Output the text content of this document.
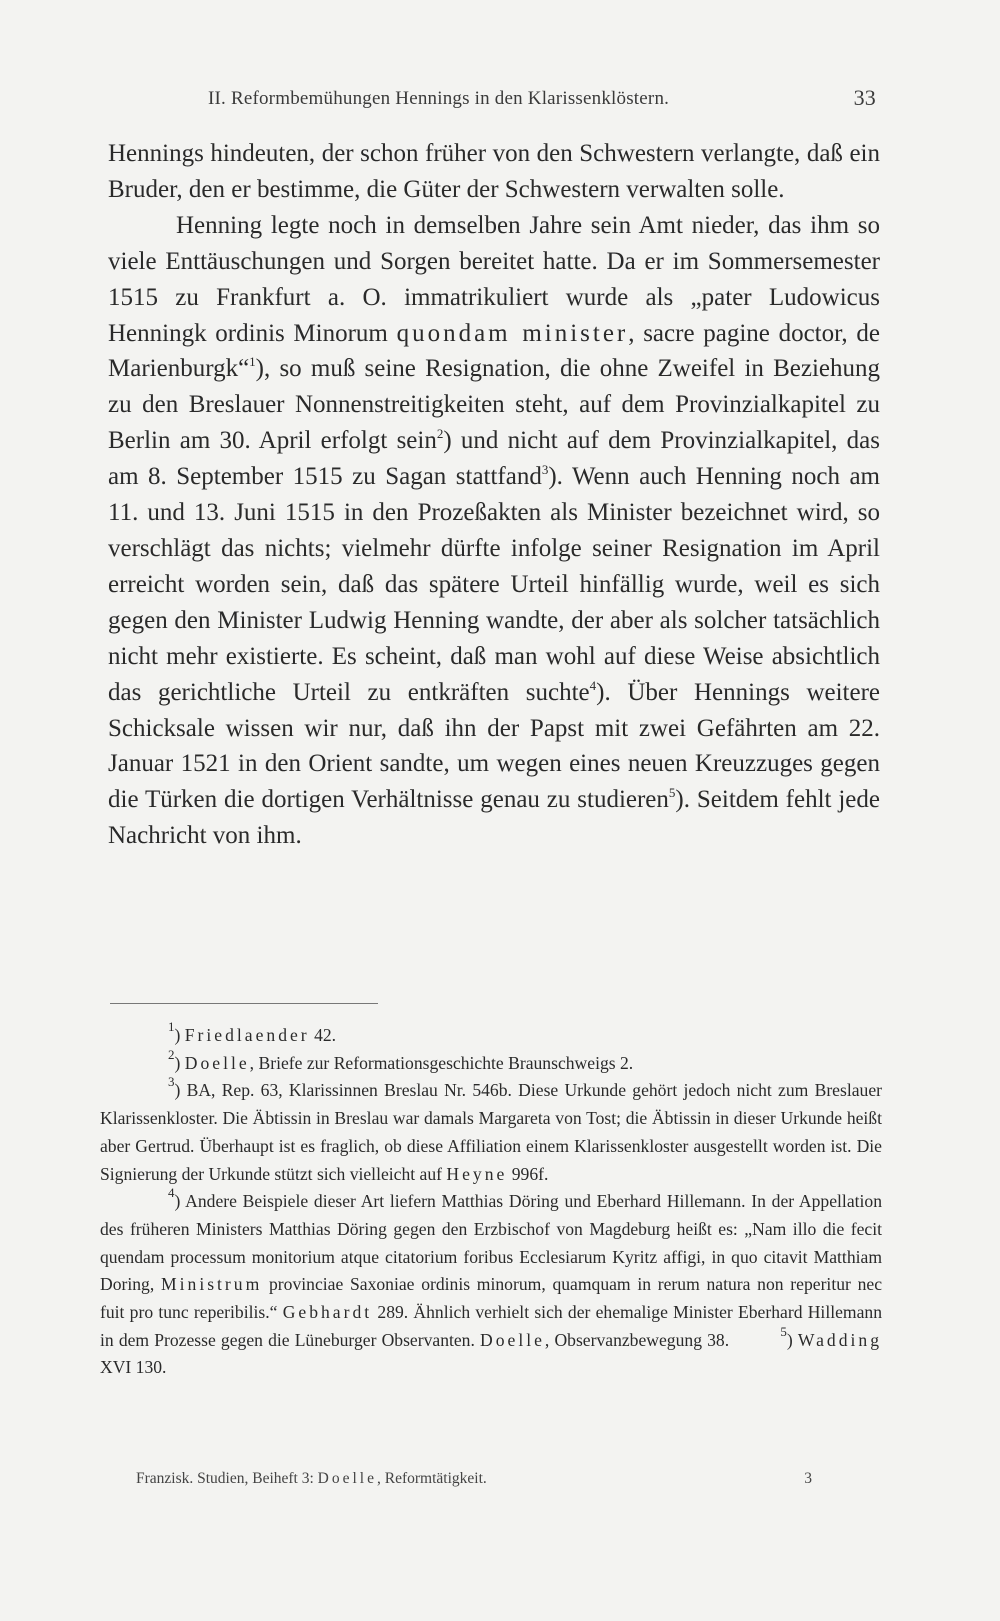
II. Reformbemühungen Hennings in den Klarissenklöstern.	33

Hennings hindeuten, der schon früher von den Schwestern verlangte, daß ein Bruder, den er bestimme, die Güter der Schwestern verwalten solle.

Henning legte noch in demselben Jahre sein Amt nieder, das ihm so viele Enttäuschungen und Sorgen bereitet hatte. Da er im Sommersemester 1515 zu Frankfurt a. O. immatrikuliert wurde als „pater Ludowicus Henningk ordinis Minorum quondam minister, sacre pagine doctor, de Marienburgk“$^1$), so muß seine Resignation, die ohne Zweifel in Beziehung zu den Breslauer Nonnenstreitigkeiten steht, auf dem Provinzialkapitel zu Berlin am 30. April erfolgt sein$^2$) und nicht auf dem Provinzialkapitel, das am 8. September 1515 zu Sagan stattfand$^3$). Wenn auch Henning noch am 11. und 13. Juni 1515 in den Prozeßakten als Minister bezeichnet wird, so verschlägt das nichts; vielmehr dürfte infolge seiner Resignation im April erreicht worden sein, daß das spätere Urteil hinfällig wurde, weil es sich gegen den Minister Ludwig Henning wandte, der aber als solcher tatsächlich nicht mehr existierte. Es scheint, daß man wohl auf diese Weise absichtlich das gerichtliche Urteil zu entkräften suchte$^4$). Über Hennings weitere Schicksale wissen wir nur, daß ihn der Papst mit zwei Gefährten am 22. Januar 1521 in den Orient sandte, um wegen eines neuen Kreuzzuges gegen die Türken die dortigen Verhältnisse genau zu studieren$^5$). Seitdem fehlt jede Nachricht von ihm.

$^1$) Friedlaender 42.

$^2$) Doelle, Briefe zur Reformationsgeschichte Braunschweigs 2.

$^3$) BA, Rep. 63, Klarissinnen Breslau Nr. 546b. Diese Urkunde gehört jedoch nicht zum Breslauer Klarissenkloster. Die Äbtissin in Breslau war damals Margareta von Tost; die Äbtissin in dieser Urkunde heißt aber Gertrud. Überhaupt ist es fraglich, ob diese Affiliation einem Klarissenkloster ausgestellt worden ist. Die Signierung der Urkunde stützt sich vielleicht auf Heyne 996f.

$^4$) Andere Beispiele dieser Art liefern Matthias Döring und Eberhard Hillemann. In der Appellation des früheren Ministers Matthias Döring gegen den Erzbischof von Magdeburg heißt es: „Nam illo die fecit quendam processum monitorium atque citatorium foribus Ecclesiarum Kyritz affigi, in quo citavit Matthiam Doring, Ministrum provinciae Saxoniae ordinis minorum, quamquam in rerum natura non reperitur nec fuit pro tunc reperibilis.“ Gebhardt 289. Ähnlich verhielt sich der ehemalige Minister Eberhard Hillemann in dem Prozesse gegen die Lüneburger Observanten. Doelle, Observanzbewegung 38.	$^5$) Wadding XVI 130.

Franzisk. Studien, Beiheft 3: Doelle, Reformtätigkeit.	3
